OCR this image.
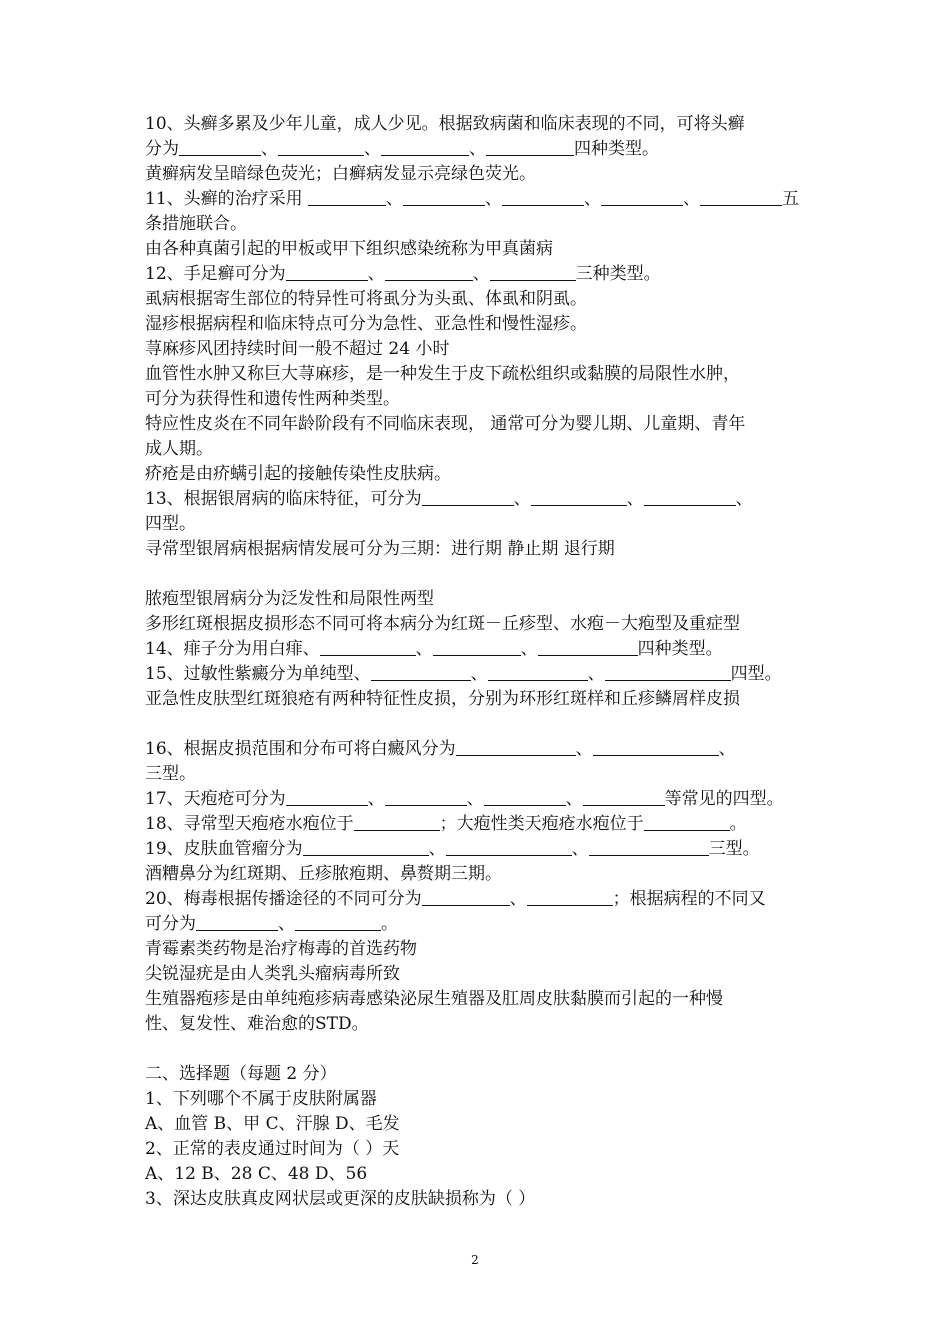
10、头癣多累及少年儿童，成人少见。根据致病菌和临床表现的不同，可将头癣
分为	、	、	、	四种类型。
黄癣病发呈暗绿色荧光；白癣病发显示亮绿色荧光。
11、头癣的治疗采用	、	、	、	、	五
条措施联合。
由各种真菌引起的甲板或甲下组织感染统称为甲真菌病
12、手足癣可分为	、	、	三种类型。
虱病根据寄生部位的特异性可将虱分为头虱、体虱和阴虱。
湿疹根据病程和临床特点可分为急性、亚急性和慢性湿疹。
荨麻疹风团持续时间一般不超过 24 小时
血管性水肿又称巨大荨麻疹，是一种发生于皮下疏松组织或黏膜的局限性水肿，
可分为获得性和遗传性两种类型。
特应性皮炎在不同年龄阶段有不同临床表现， 通常可分为婴儿期、儿童期、青年
成人期。
疥疮是由疥螨引起的接触传染性皮肤病。
13、根据银屑病的临床特征，可分为	、	、	、
四型。
寻常型银屑病根据病情发展可分为三期：进行期 静止期 退行期
脓疱型银屑病分为泛发性和局限性两型
多形红斑根据皮损形态不同可将本病分为红斑－丘疹型、水疱－大疱型及重症型
14、痱子分为用白痱、	、	、	四种类型。
15、过敏性紫癜分为单纯型、	、	、	四型。
亚急性皮肤型红斑狼疮有两种特征性皮损，分别为环形红斑样和丘疹鳞屑样皮损
16、根据皮损范围和分布可将白癜风分为	、	、
三型。
17、天疱疮可分为	、	、	、	等常见的四型。
18、寻常型天疱疮水疱位于	；大疱性类天疱疮水疱位于	。
19、皮肤血管瘤分为	、	、	三型。
酒糟鼻分为红斑期、丘疹脓疱期、鼻赘期三期。
20、梅毒根据传播途径的不同可分为	、	；根据病程的不同又
可分为	、	。
青霉素类药物是治疗梅毒的首选药物
尖锐湿疣是由人类乳头瘤病毒所致
生殖器疱疹是由单纯疱疹病毒感染泌尿生殖器及肛周皮肤黏膜而引起的一种慢
性、复发性、难治愈的STD。
二、选择题（每题 2 分）
1、下列哪个不属于皮肤附属器
A、血管 B、甲 C、汗腺 D、毛发
2、正常的表皮通过时间为（ ）天
A、12 B、28 C、48 D、56
3、深达皮肤真皮网状层或更深的皮肤缺损称为（ ）
2
